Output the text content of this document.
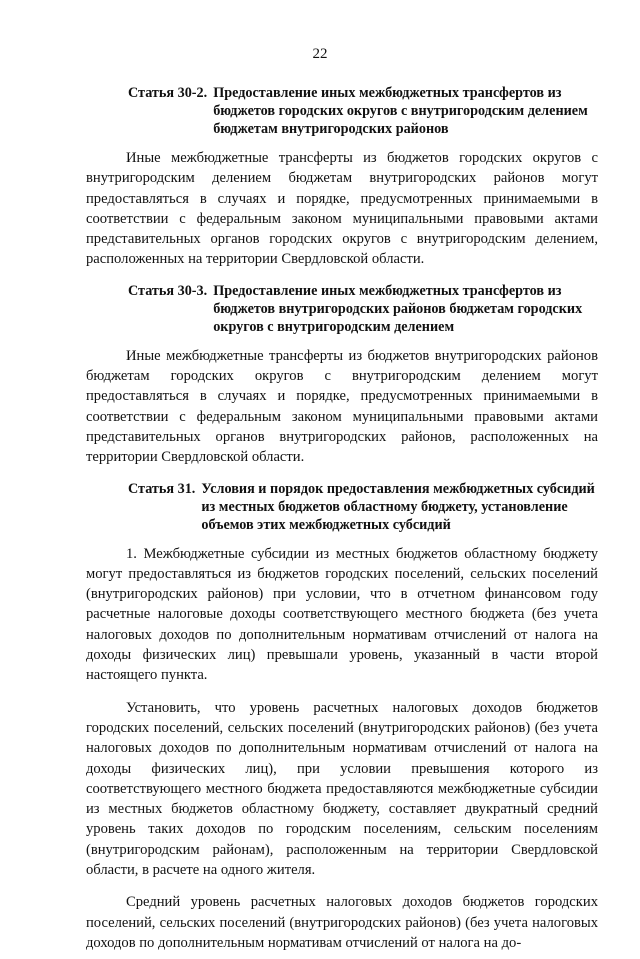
22
Статья 30-2. Предоставление иных межбюджетных трансфертов из бюджетов городских округов с внутригородским делением бюджетам внутригородских районов

Иные межбюджетные трансферты из бюджетов городских округов с внутригородским делением бюджетам внутригородских районов могут предоставляться в случаях и порядке, предусмотренных принимаемыми в соответствии с федеральным законом муниципальными правовыми актами представительных органов городских округов с внутригородским делением, расположенных на территории Свердловской области.

Статья 30-3. Предоставление иных межбюджетных трансфертов из бюджетов внутригородских районов бюджетам городских округов с внутригородским делением

Иные межбюджетные трансферты из бюджетов внутригородских районов бюджетам городских округов с внутригородским делением могут предоставляться в случаях и порядке, предусмотренных принимаемыми в соответствии с федеральным законом муниципальными правовыми актами представительных органов внутригородских районов, расположенных на территории Свердловской области.

Статья 31. Условия и порядок предоставления межбюджетных субсидий из местных бюджетов областному бюджету, установление объемов этих межбюджетных субсидий

1. Межбюджетные субсидии из местных бюджетов областному бюджету могут предоставляться из бюджетов городских поселений, сельских поселений (внутригородских районов) при условии, что в отчетном финансовом году расчетные налоговые доходы соответствующего местного бюджета (без учета налоговых доходов по дополнительным нормативам отчислений от налога на доходы физических лиц) превышали уровень, указанный в части второй настоящего пункта.

Установить, что уровень расчетных налоговых доходов бюджетов городских поселений, сельских поселений (внутригородских районов) (без учета налоговых доходов по дополнительным нормативам отчислений от налога на доходы физических лиц), при условии превышения которого из соответствующего местного бюджета предоставляются межбюджетные субсидии из местных бюджетов областному бюджету, составляет двукратный средний уровень таких доходов по городским поселениям, сельским поселениям (внутригородским районам), расположенным на территории Свердловской области, в расчете на одного жителя.

Средний уровень расчетных налоговых доходов бюджетов городских поселений, сельских поселений (внутригородских районов) (без учета налоговых доходов по дополнительным нормативам отчислений от налога на до-
